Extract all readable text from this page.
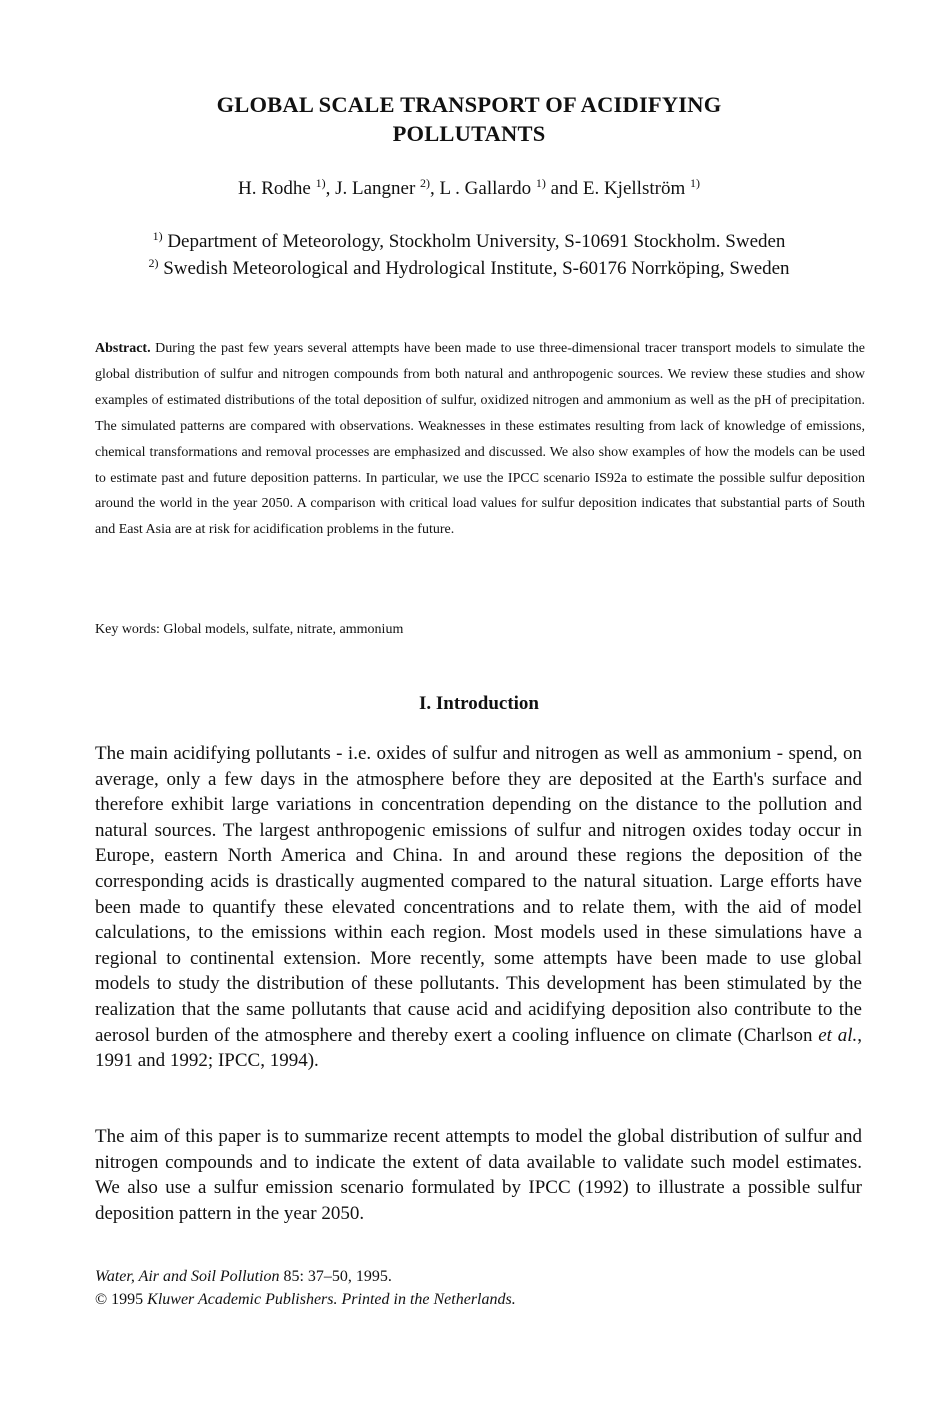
GLOBAL SCALE TRANSPORT OF ACIDIFYING
POLLUTANTS
H. Rodhe $^{1)}$, J. Langner $^{2)}$, L . Gallardo $^{1)}$ and E. Kjellström $^{1)}$
$^{1)}$ Department of Meteorology, Stockholm University, S-10691 Stockholm. Sweden
$^{2)}$ Swedish Meteorological and Hydrological Institute, S-60176 Norrköping, Sweden
Abstract. During the past few years several attempts have been made to use three-dimensional tracer transport models to simulate the global distribution of sulfur and nitrogen compounds from both natural and anthropogenic sources. We review these studies and show examples of estimated distributions of the total deposition of sulfur, oxidized nitrogen and ammonium as well as the pH of precipitation. The simulated patterns are compared with observations. Weaknesses in these estimates resulting from lack of knowledge of emissions, chemical transformations and removal processes are emphasized and discussed. We also show examples of how the models can be used to estimate past and future deposition patterns. In particular, we use the IPCC scenario IS92a to estimate the possible sulfur deposition around the world in the year 2050. A comparison with critical load values for sulfur deposition indicates that substantial parts of South and East Asia are at risk for acidification problems in the future.
Key words: Global models, sulfate, nitrate, ammonium
I. Introduction
The main acidifying pollutants - i.e. oxides of sulfur and nitrogen as well as ammonium - spend, on average, only a few days in the atmosphere before they are deposited at the Earth's surface and therefore exhibit large variations in concentration depending on the distance to the pollution and natural sources. The largest anthropogenic emissions of sulfur and nitrogen oxides today occur in Europe, eastern North America and China. In and around these regions the deposition of the corresponding acids is drastically augmented compared to the natural situation. Large efforts have been made to quantify these elevated concentrations and to relate them, with the aid of model calculations, to the emissions within each region. Most models used in these simulations have a regional to continental extension. More recently, some attempts have been made to use global models to study the distribution of these pollutants. This development has been stimulated by the realization that the same pollutants that cause acid and acidifying deposition also contribute to the aerosol burden of the atmosphere and thereby exert a cooling influence on climate (Charlson et al., 1991 and 1992; IPCC, 1994).
The aim of this paper is to summarize recent attempts to model the global distribution of sulfur and nitrogen compounds and to indicate the extent of data available to validate such model estimates. We also use a sulfur emission scenario formulated by IPCC (1992) to illustrate a possible sulfur deposition pattern in the year 2050.
Water, Air and Soil Pollution 85: 37–50, 1995.
© 1995 Kluwer Academic Publishers. Printed in the Netherlands.
